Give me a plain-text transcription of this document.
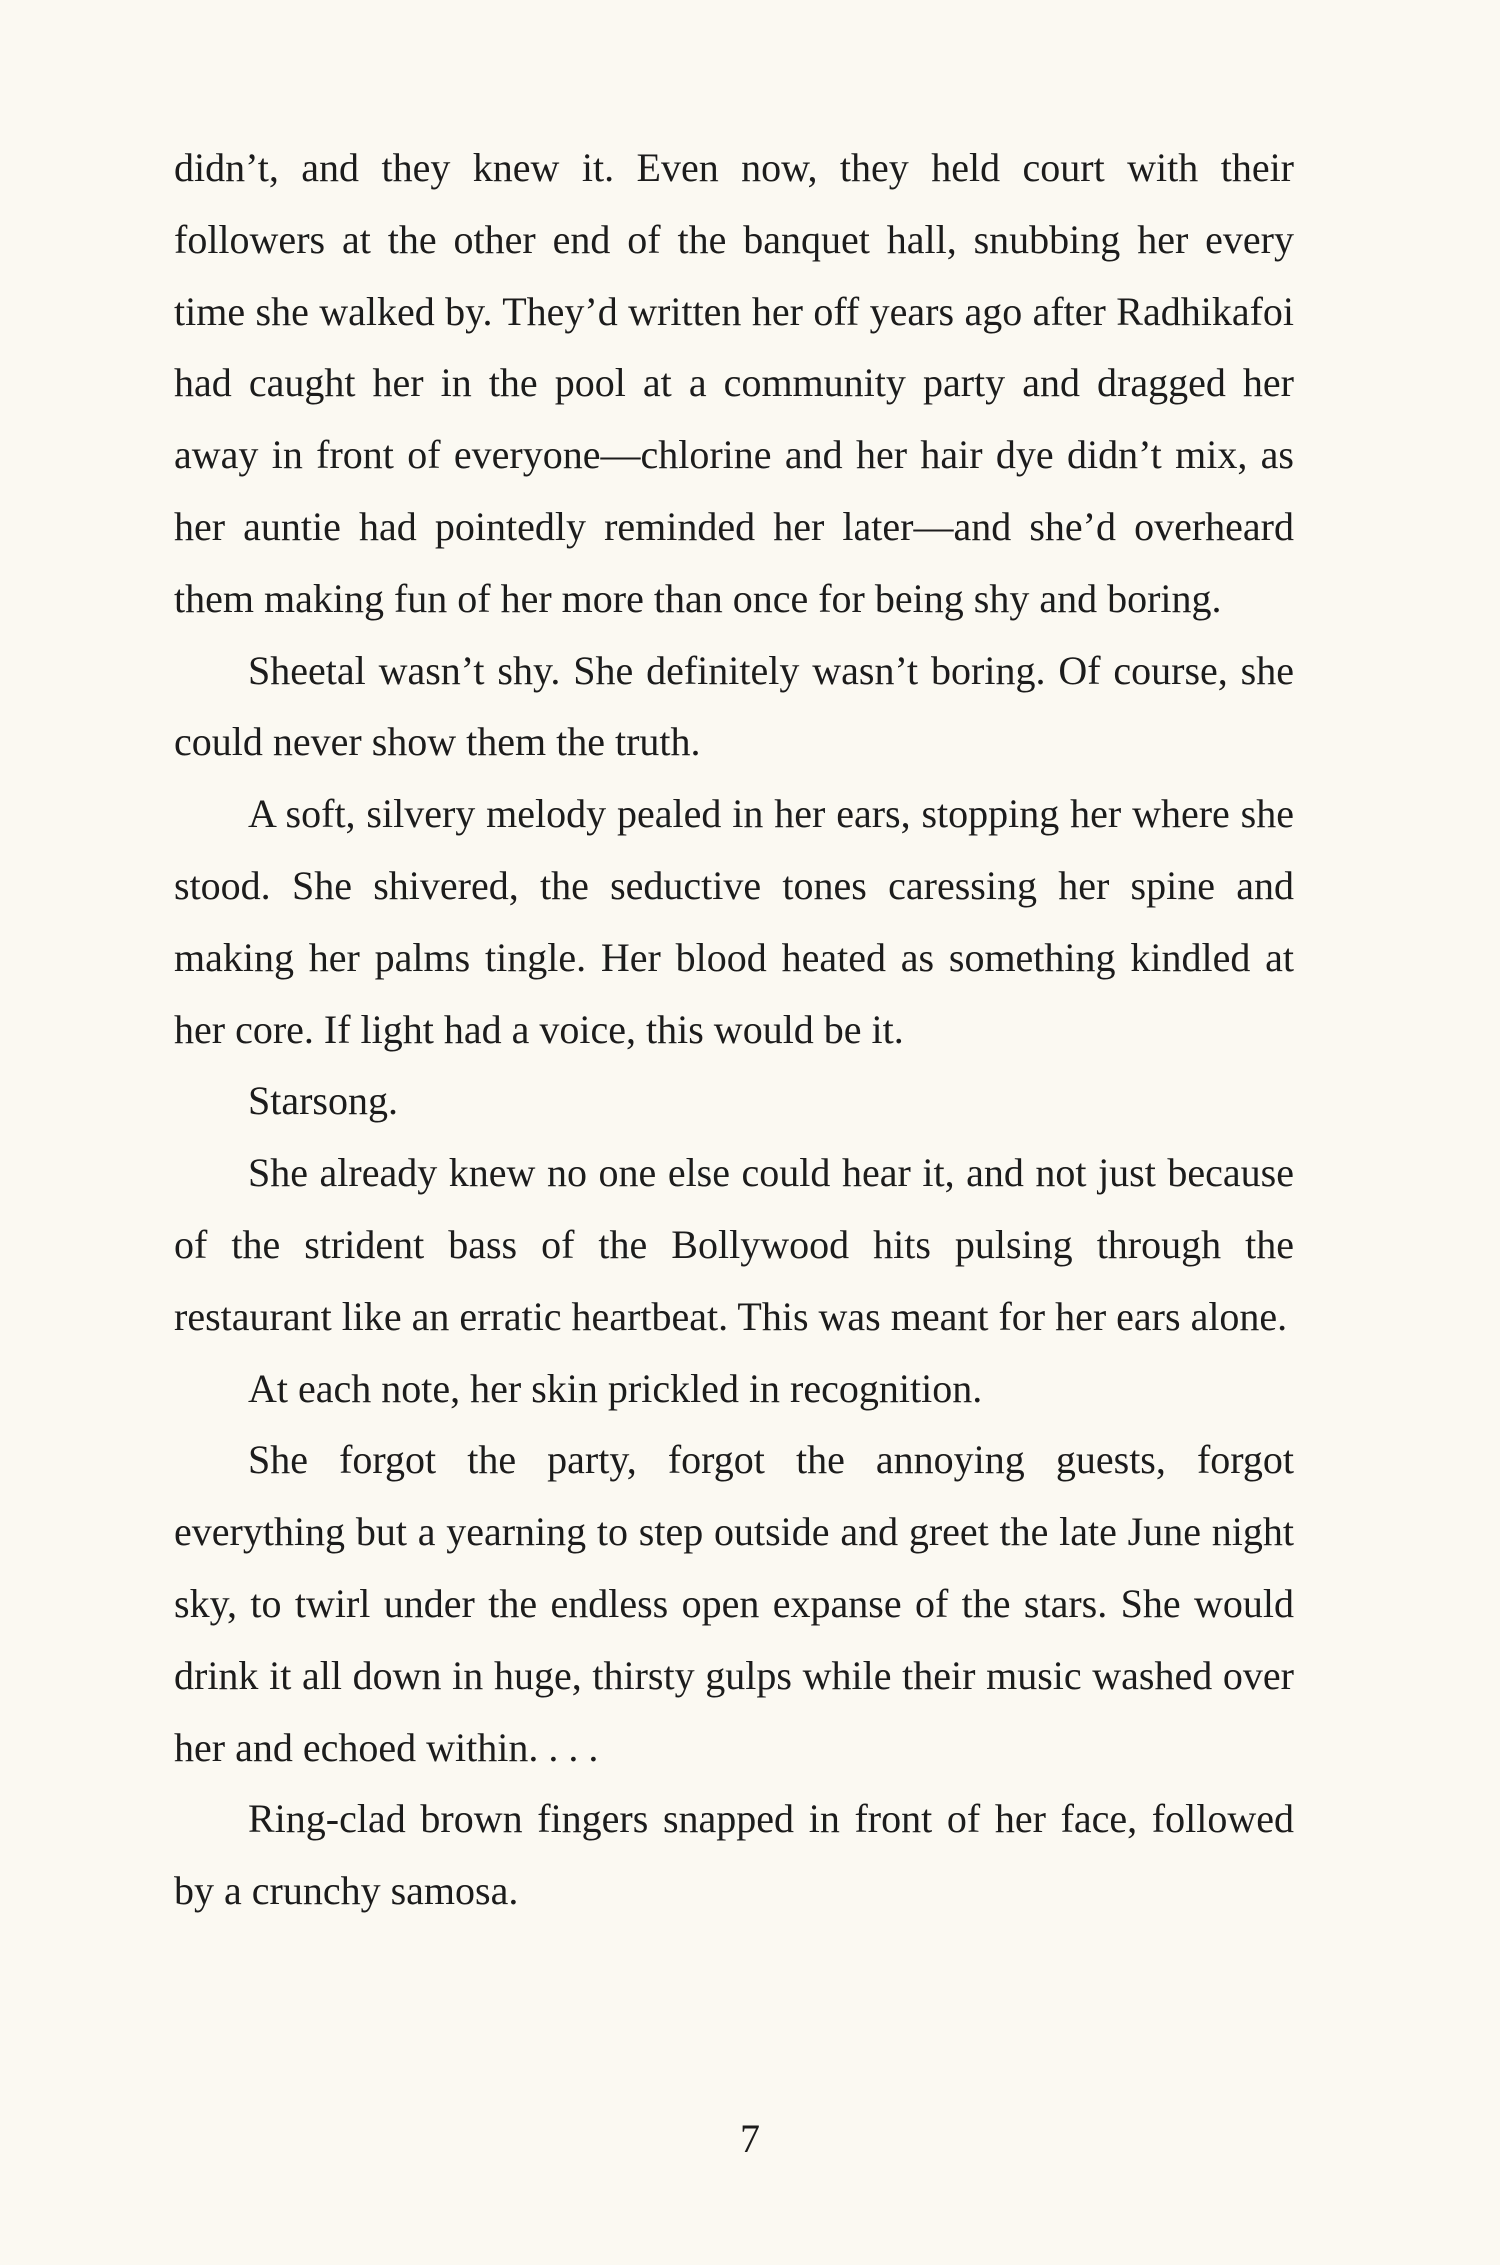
didn’t, and they knew it. Even now, they held court with their followers at the other end of the banquet hall, snubbing her every time she walked by. They’d written her off years ago after Radhikafoi had caught her in the pool at a community party and dragged her away in front of everyone—chlorine and her hair dye didn’t mix, as her auntie had pointedly reminded her later—and she’d overheard them making fun of her more than once for being shy and boring.

Sheetal wasn’t shy. She definitely wasn’t boring. Of course, she could never show them the truth.

A soft, silvery melody pealed in her ears, stopping her where she stood. She shivered, the seductive tones caressing her spine and making her palms tingle. Her blood heated as something kindled at her core. If light had a voice, this would be it.

Starsong.

She already knew no one else could hear it, and not just because of the strident bass of the Bollywood hits pulsing through the restaurant like an erratic heartbeat. This was meant for her ears alone.

At each note, her skin prickled in recognition.

She forgot the party, forgot the annoying guests, forgot everything but a yearning to step outside and greet the late June night sky, to twirl under the endless open expanse of the stars. She would drink it all down in huge, thirsty gulps while their music washed over her and echoed within. . . .

Ring-clad brown fingers snapped in front of her face, followed by a crunchy samosa.

7
